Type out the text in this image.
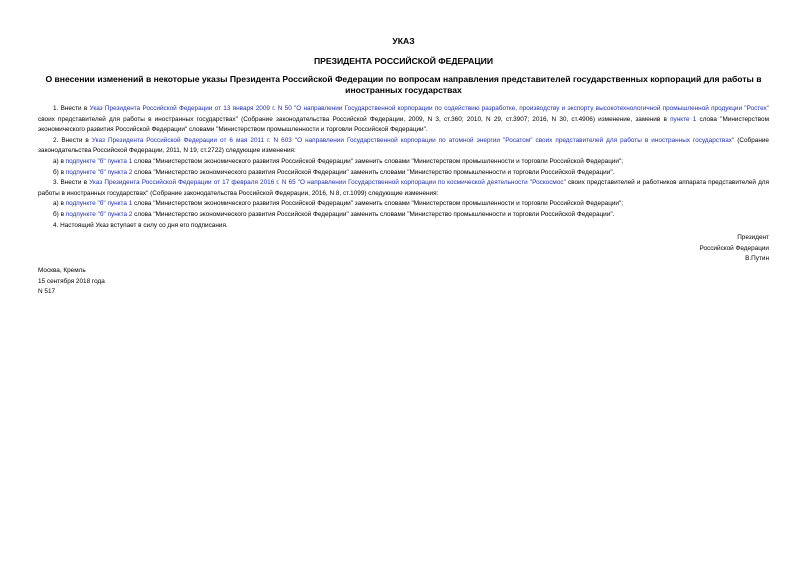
УКАЗ

ПРЕЗИДЕНТА РОССИЙСКОЙ ФЕДЕРАЦИИ

О внесении изменений в некоторые указы Президента Российской Федерации по вопросам направления представителей государственных корпораций для работы в иностранных государствах

1. Внести в Указ Президента Российской Федерации от 13 января 2009 г. N 50 "О направлении Государственной корпорации по содействию разработке, производству и экспорту высокотехнологичной промышленной продукции "Ростех" своих представителей для работы в иностранных государствах" (Собрание законодательства Российской Федерации, 2009, N 3, ст.360; 2010, N 29, ст.3907; 2016, N 30, ст.4906) изменение, заменив в пункте 1 слова "Министерством экономического развития Российской Федерации" словами "Министерством промышленности и торговли Российской Федерации".

2. Внести в Указ Президента Российской Федерации от 6 мая 2011 г. N 603 "О направлении Государственной корпорации по атомной энергии "Росатом" своих представителей для работы в иностранных государствах" (Собрание законодательства Российской Федерации, 2011, N 19, ст.2722) следующие изменения:

а) в подпункте "б" пункта 1 слова "Министерством экономического развития Российской Федерации" заменить словами "Министерством промышленности и торговли Российской Федерации";

б) в подпункте "б" пункта 2 слова "Министерство экономического развития Российской Федерации" заменить словами "Министерство промышленности и торговли Российской Федерации".

3. Внести в Указ Президента Российской Федерации от 17 февраля 2016 г. N 65 "О направлении Государственной корпорации по космической деятельности "Роскосмос" своих представителей и работников аппарата представителей для работы в иностранных государствах" (Собрание законодательства Российской Федерации, 2016, N 8, ст.1099) следующие изменения:

а) в подпункте "б" пункта 1 слова "Министерством экономического развития Российской Федерации" заменить словами "Министерством промышленности и торговли Российской Федерации";

б) в подпункте "б" пункта 2 слова "Министерство экономического развития Российской Федерации" заменить словами "Министерство промышленности и торговли Российской Федерации".

4. Настоящий Указ вступает в силу со дня его подписания.

Президент
Российской Федерации
В.Путин
Москва, Кремль
15 сентября 2018 года
N 517
